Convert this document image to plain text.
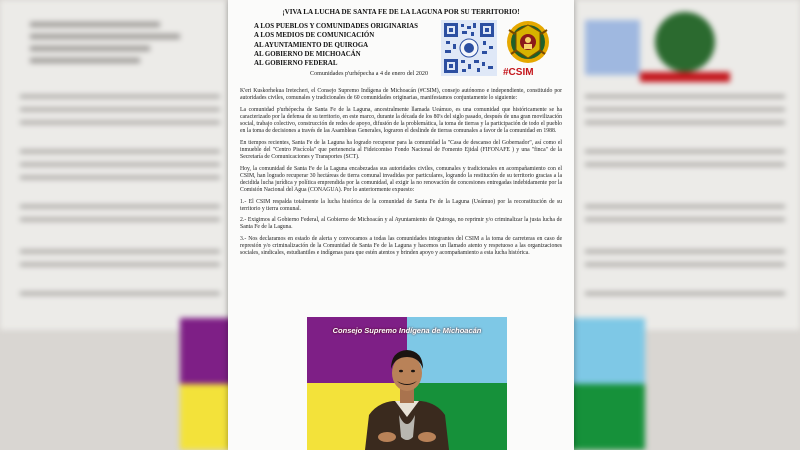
¡VIVA LA LUCHA DE SANTA FE DE LA LAGUNA POR SU TERRITORIO!
A LOS PUEBLOS Y COMUNIDADES ORIGINARIAS
A LOS MEDIOS DE COMUNICACIÓN
AL AYUNTAMIENTO DE QUIROGA
AL GOBIERNO DE MICHOACÁN
AL GOBIERNO FEDERAL
#CSIM
Comunidades p'urhépecha a 4 de enero del 2020

K'eri Kuskorhekua Iretecheri, el Consejo Supremo Indígena de Michoacán (#CSIM), consejo autónomo e independiente, constituido por autoridades civiles, comunales y tradicionales de 60 comunidades originarias, manifestamos conjuntamente lo siguiente:

La comunidad p'urhépecha de Santa Fe de la Laguna, ancestralmente llamada Ueámuo, es una comunidad que históricamente se ha caracterizado por la defensa de su territorio, en este marco, durante la década de los 80's del siglo pasado, después de una gran movilización social, trabajo colectivo, construcción de redes de apoyo, difusión de la problemática, la toma de tierras y la participación de todo el pueblo en la toma de decisiones a través de las Asambleas Generales, lograron el deslinde de tierras comunales a favor de la comunidad en 1988.

En tiempos recientes, Santa Fe de la Laguna ha logrado recuperar para la comunidad la "Casa de descanso del Gobernador", así como el inmueble del "Centro Piscícola" que pertenencia al Fideicomiso Fondo Nacional de Fomento Ejidal (FIFONAFE ) y una "finca" de la Secretaría de Comunicaciones y Transportes (SCT).

Hoy, la comunidad de Santa Fe de la Laguna encabezadas sus autoridades civiles, comunales y tradicionales en acompañamiento con el CSIM, han logrado recuperar 30 hectáreas de tierra comunal invadidas por particulares, logrando la restitución de su territorio gracias a la decidida lucha jurídica y política emprendida por la comunidad, al exigir la no renovación de concesiones entregadas indebidamente por la Comisión Nacional del Agua (CONAGUA). Por lo anteriormente expuesto:

1.- El CSIM respalda totalmente la lucha histórica de la comunidad de Santa Fe de la Laguna (Ueámuo) por la reconstitución de su territorio y tierra comunal.

2.- Exigimos al Gobierno Federal, al Gobierno de Michoacán y al Ayuntamiento de Quiroga, no reprimir y/o criminalizar la justa lucha de Santa Fe de la Laguna.

3.- Nos declaramos en estado de alerta y convocamos a todas las comunidades integrantes del CSIM a la toma de carreteras en caso de represión y/o criminalización de la Comunidad de Santa Fe de la Laguna y hacemos un llamado atento y respetuoso a las organizaciones sociales, sindicales, estudiantiles e indígenas para que estén atentos y brinden apoyo y acompañamiento a esta lucha histórica.

Consejo Supremo Indígena de Michoacán
